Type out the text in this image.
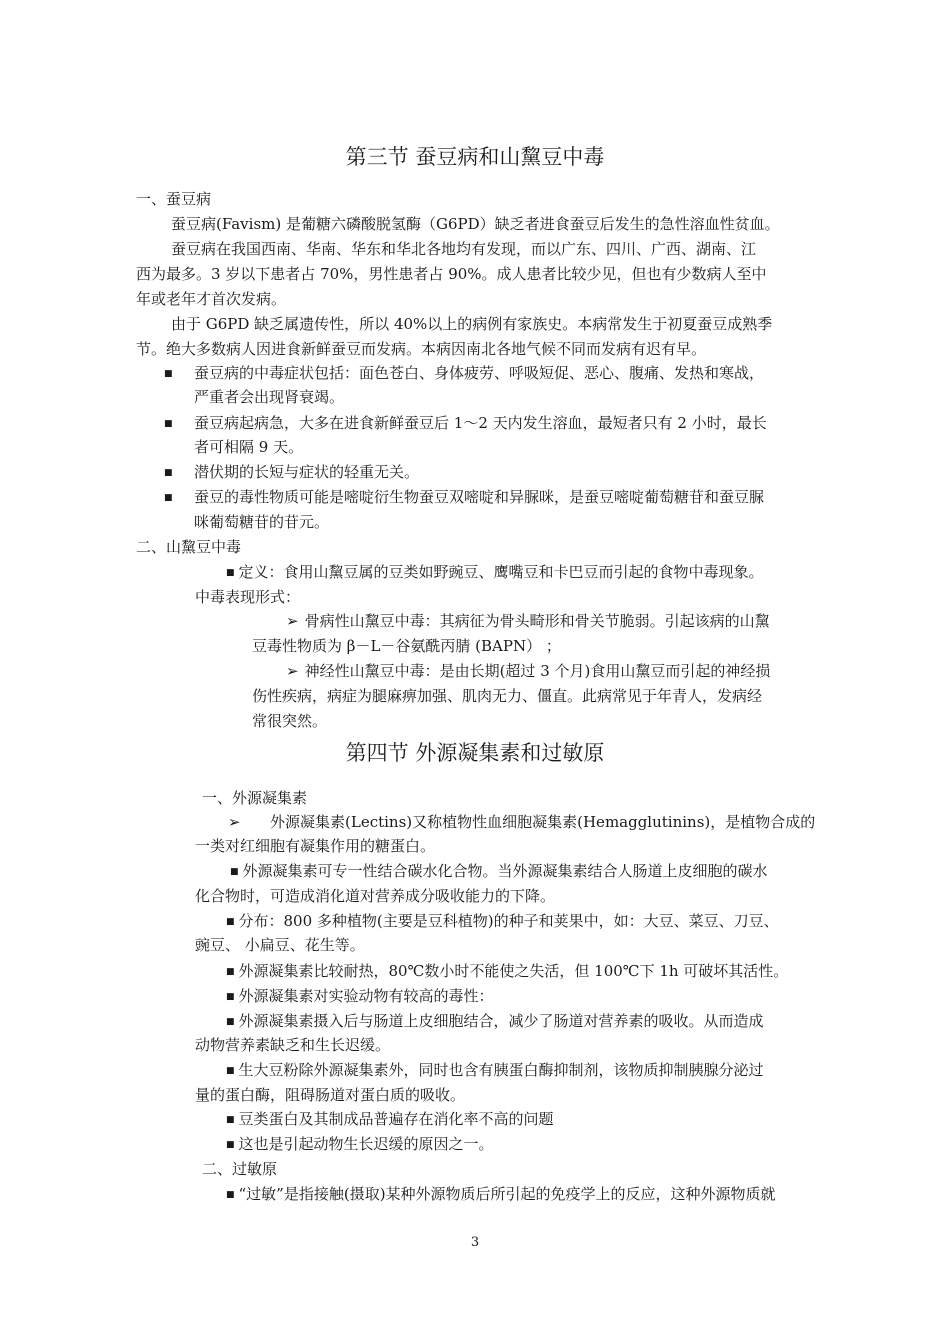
第三节 蚕豆病和山黧豆中毒
一、蚕豆病
蚕豆病(Favism) 是葡糖六磷酸脱氢酶（G6PD）缺乏者进食蚕豆后发生的急性溶血性贫血。
蚕豆病在我国西南、华南、华东和华北各地均有发现，而以广东、四川、广西、湖南、江
西为最多。3 岁以下患者占 70%，男性患者占 90%。成人患者比较少见，但也有少数病人至中
年或老年才首次发病。
由于 G6PD 缺乏属遗传性，所以 40%以上的病例有家族史。本病常发生于初夏蚕豆成熟季
节。绝大多数病人因进食新鲜蚕豆而发病。本病因南北各地气候不同而发病有迟有早。
■ 蚕豆病的中毒症状包括：面色苍白、身体疲劳、呼吸短促、恶心、腹痛、发热和寒战，
严重者会出现肾衰竭。
■ 蚕豆病起病急，大多在进食新鲜蚕豆后 1～2 天内发生溶血，最短者只有 2 小时，最长
者可相隔 9 天。
■ 潜伏期的长短与症状的轻重无关。
■ 蚕豆的毒性物质可能是嘧啶衍生物蚕豆双嘧啶和异脲咪，是蚕豆嘧啶葡萄糖苷和蚕豆脲
咪葡萄糖苷的苷元。
二、山黧豆中毒
■ 定义：食用山黧豆属的豆类如野豌豆、鹰嘴豆和卡巴豆而引起的食物中毒现象。
中毒表现形式：
➢ 骨病性山黧豆中毒：其病征为骨头畸形和骨关节脆弱。引起该病的山黧
豆毒性物质为 β－L－谷氨酰丙腈 (BAPN） ；
➢ 神经性山黧豆中毒：是由长期(超过 3 个月)食用山黧豆而引起的神经损
伤性疾病，病症为腿麻痹加强、肌肉无力、僵直。此病常见于年青人，发病经
常很突然。
第四节 外源凝集素和过敏原
一、外源凝集素
➢ 外源凝集素(Lectins)又称植物性血细胞凝集素(Hemagglutinins)，是植物合成的
一类对红细胞有凝集作用的糖蛋白。
■ 外源凝集素可专一性结合碳水化合物。当外源凝集素结合人肠道上皮细胞的碳水
化合物时，可造成消化道对营养成分吸收能力的下降。
■ 分布：800 多种植物(主要是豆科植物)的种子和荚果中，如：大豆、菜豆、刀豆、
豌豆、 小扁豆、花生等。
■ 外源凝集素比较耐热，80℃数小时不能使之失活，但 100℃下 1h 可破坏其活性。
■ 外源凝集素对实验动物有较高的毒性：
■ 外源凝集素摄入后与肠道上皮细胞结合，减少了肠道对营养素的吸收。从而造成
动物营养素缺乏和生长迟缓。
■ 生大豆粉除外源凝集素外，同时也含有胰蛋白酶抑制剂，该物质抑制胰腺分泌过
量的蛋白酶，阻碍肠道对蛋白质的吸收。
■ 豆类蛋白及其制成品普遍存在消化率不高的问题
■ 这也是引起动物生长迟缓的原因之一。
二、过敏原
■ “过敏”是指接触(摄取)某种外源物质后所引起的免疫学上的反应，这种外源物质就
3
